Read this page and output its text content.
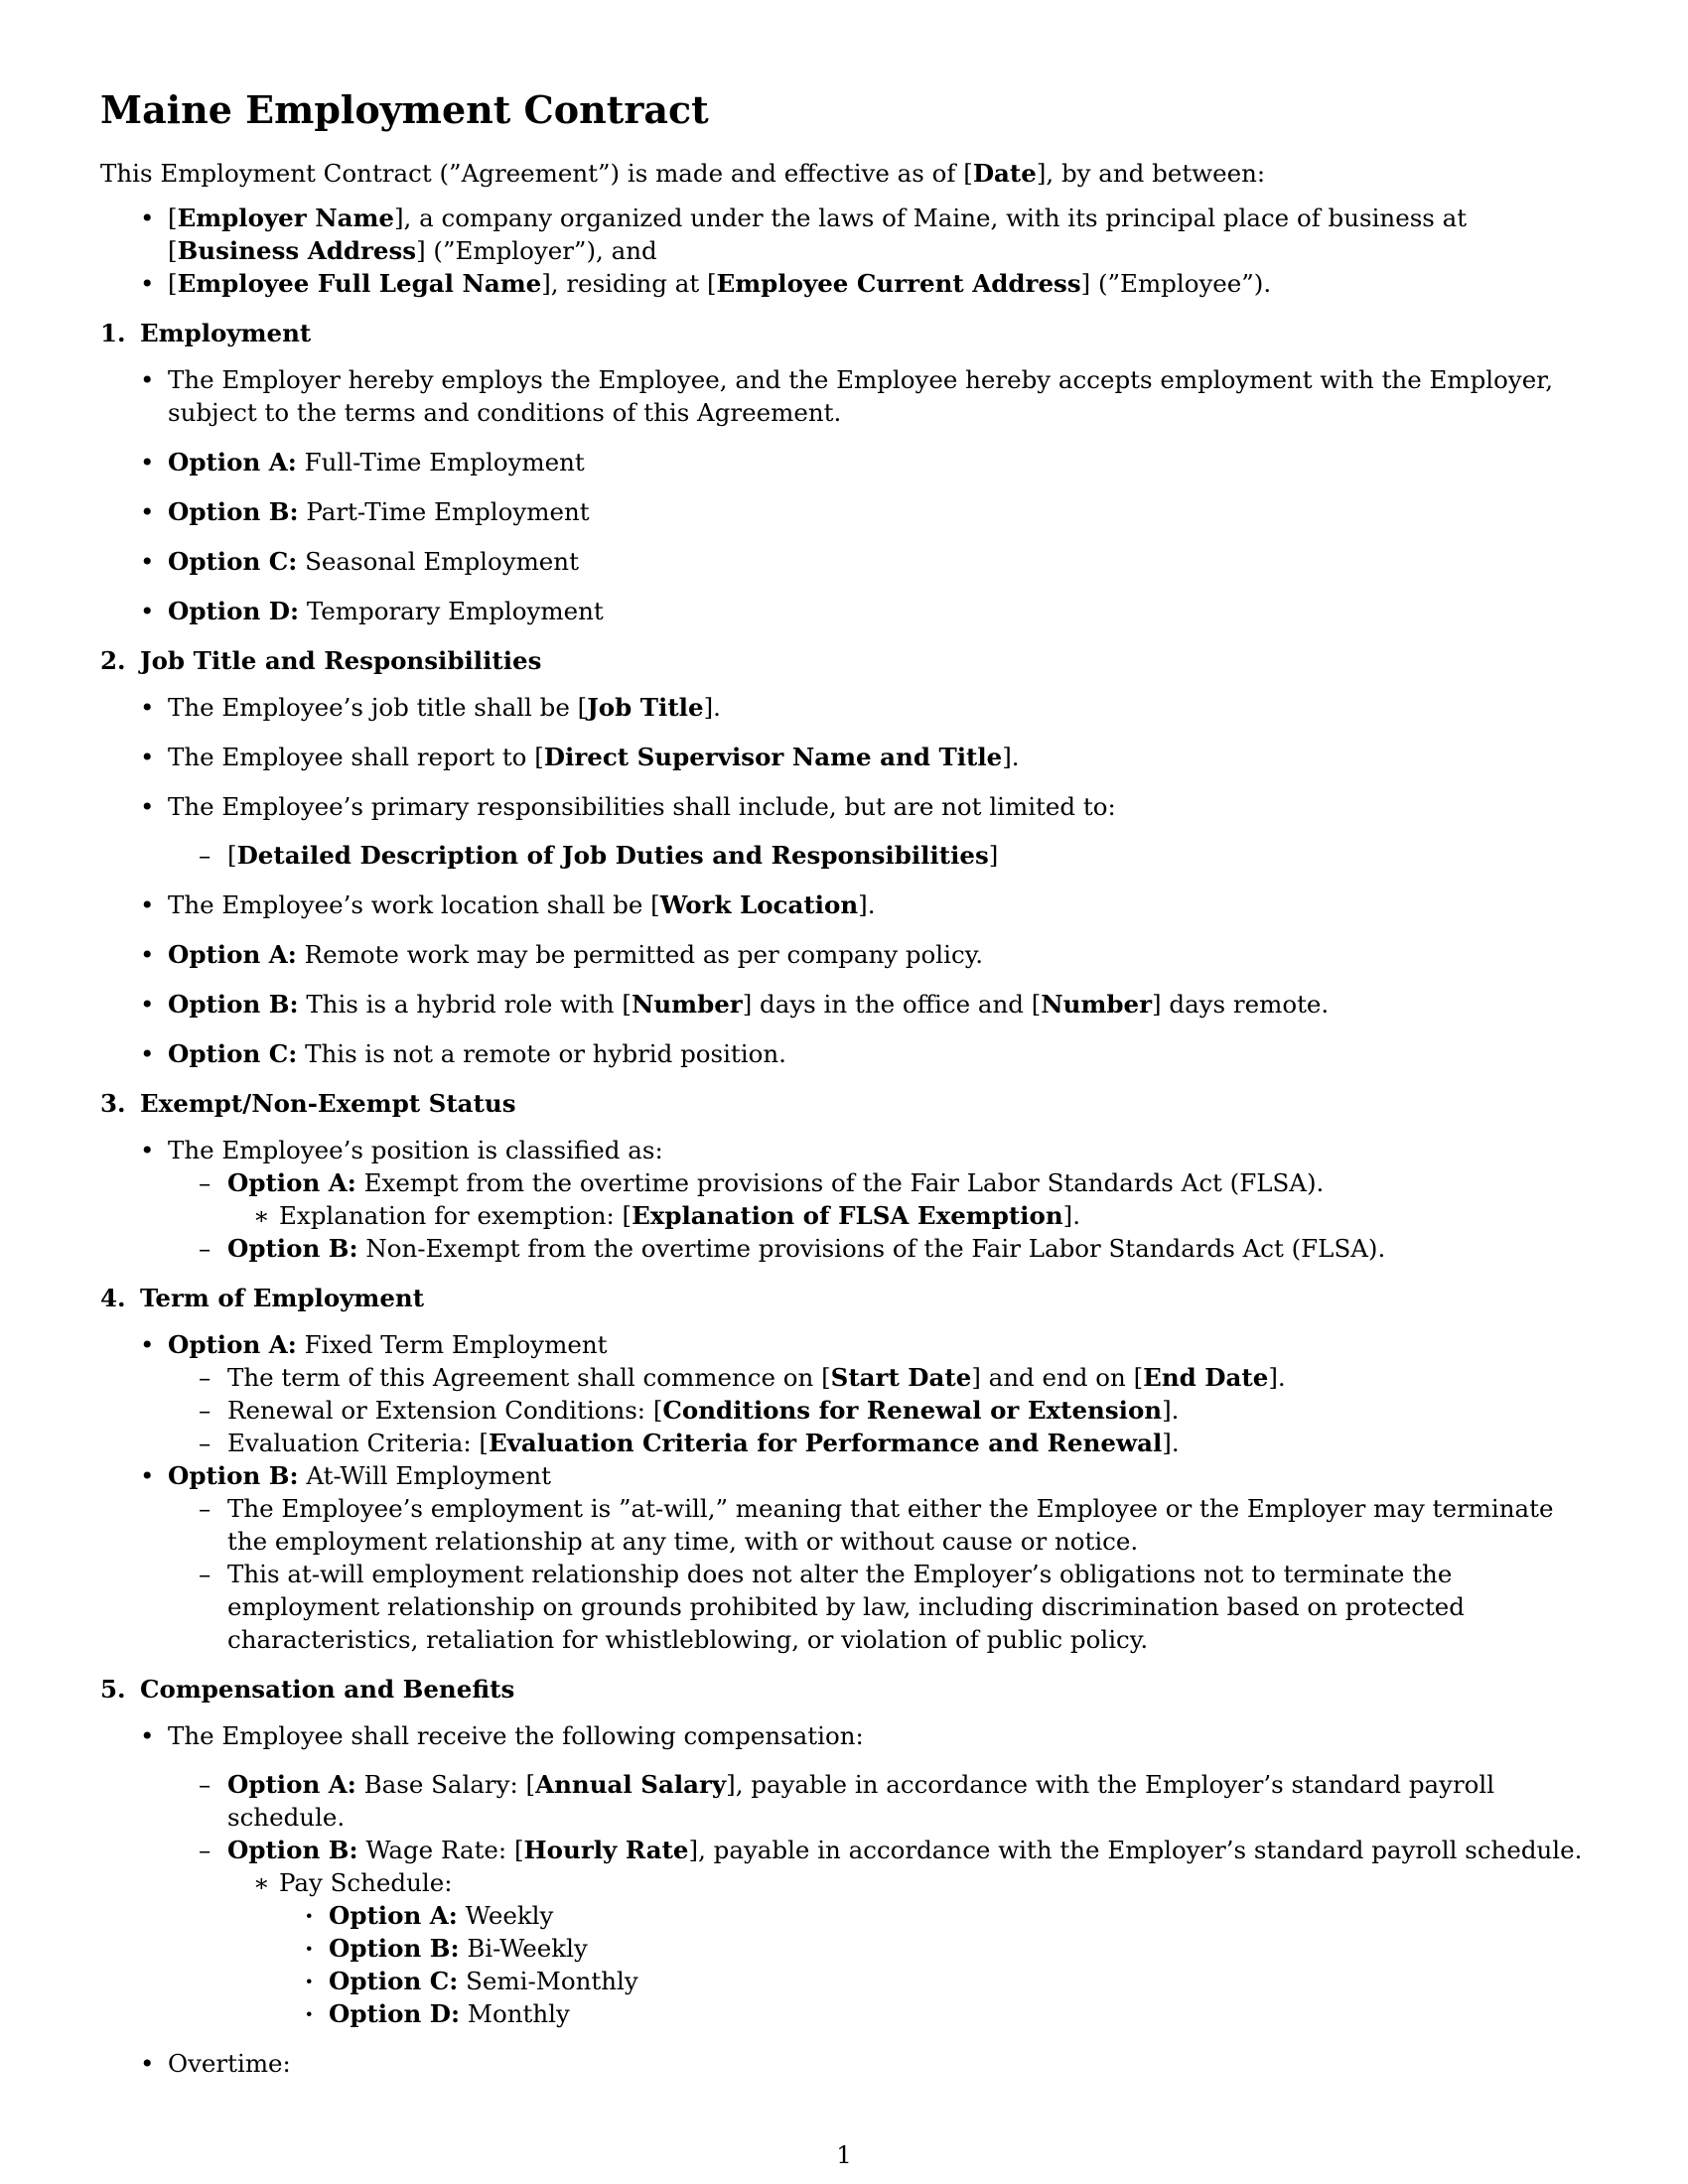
Maine Employment Contract

This Employment Contract (”Agreement”) is made and effective as of [Date], by and between:

• [Employer Name], a company organized under the laws of Maine, with its principal place of business at [Business Address] (”Employer”), and
• [Employee Full Legal Name], residing at [Employee Current Address] (”Employee”).
1. Employment
• The Employer hereby employs the Employee, and the Employee hereby accepts employment with the Employer, subject to the terms and conditions of this Agreement.
• Option A: Full-Time Employment
• Option B: Part-Time Employment
• Option C: Seasonal Employment
• Option D: Temporary Employment
2. Job Title and Responsibilities
• The Employee’s job title shall be [Job Title].
• The Employee shall report to [Direct Supervisor Name and Title].
• The Employee’s primary responsibilities shall include, but are not limited to:
– [Detailed Description of Job Duties and Responsibilities]
• The Employee’s work location shall be [Work Location].
• Option A: Remote work may be permitted as per company policy.
• Option B: This is a hybrid role with [Number] days in the office and [Number] days remote.
• Option C: This is not a remote or hybrid position.
3. Exempt/Non-Exempt Status
• The Employee’s position is classified as:
– Option A: Exempt from the overtime provisions of the Fair Labor Standards Act (FLSA).
∗ Explanation for exemption: [Explanation of FLSA Exemption].
– Option B: Non-Exempt from the overtime provisions of the Fair Labor Standards Act (FLSA).
4. Term of Employment
• Option A: Fixed Term Employment
– The term of this Agreement shall commence on [Start Date] and end on [End Date].
– Renewal or Extension Conditions: [Conditions for Renewal or Extension].
– Evaluation Criteria: [Evaluation Criteria for Performance and Renewal].
• Option B: At-Will Employment
– The Employee’s employment is ”at-will,” meaning that either the Employee or the Employer may terminate the employment relationship at any time, with or without cause or notice.
– This at-will employment relationship does not alter the Employer’s obligations not to terminate the employment relationship on grounds prohibited by law, including discrimination based on protected characteristics, retaliation for whistleblowing, or violation of public policy.
5. Compensation and Benefits
• The Employee shall receive the following compensation:
– Option A: Base Salary: [Annual Salary], payable in accordance with the Employer’s standard payroll schedule.
– Option B: Wage Rate: [Hourly Rate], payable in accordance with the Employer’s standard payroll schedule.
∗ Pay Schedule:
· Option A: Weekly
· Option B: Bi-Weekly
· Option C: Semi-Monthly
· Option D: Monthly
• Overtime:
1
